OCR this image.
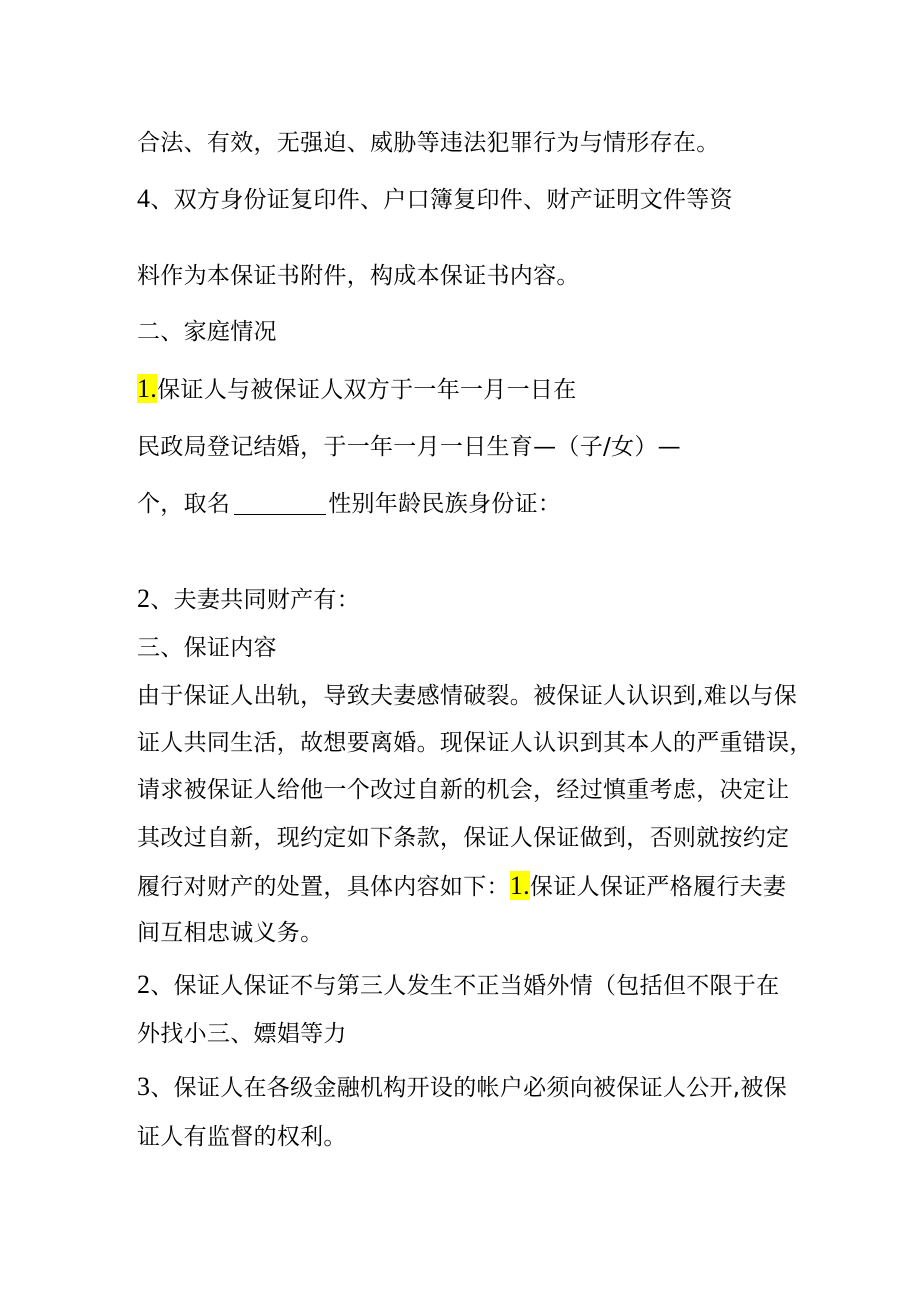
合法、有效，无强迫、威胁等违法犯罪行为与情形存在。
4、双方身份证复印件、户口簿复印件、财产证明文件等资
料作为本保证书附件，构成本保证书内容。
二、家庭情况
1.保证人与被保证人双方于一年一月一日在
民政局登记结婚，于一年一月一日生育—（子/女）—
个，取名	性别年龄民族身份证：
2、夫妻共同财产有：
三、保证内容
由于保证人出轨，导致夫妻感情破裂。被保证人认识到,难以与保
证人共同生活，故想要离婚。现保证人认识到其本人的严重错误，
请求被保证人给他一个改过自新的机会，经过慎重考虑，决定让
其改过自新，现约定如下条款，保证人保证做到，否则就按约定
履行对财产的处置，具体内容如下：1.保证人保证严格履行夫妻
间互相忠诚义务。
2、保证人保证不与第三人发生不正当婚外情（包括但不限于在
外找小三、嫖娼等力
3、保证人在各级金融机构开设的帐户必须向被保证人公开,被保
证人有监督的权利。
